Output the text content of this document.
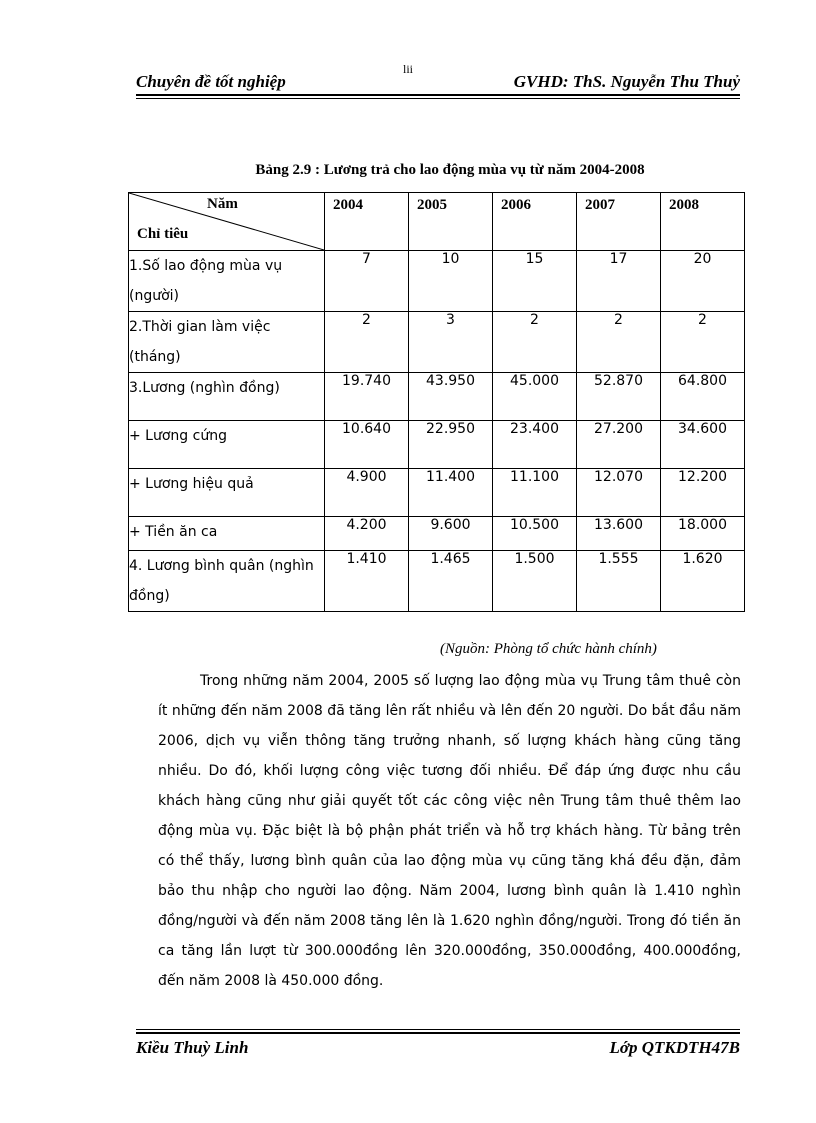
lii
Chuyên đề tốt nghiệp	GVHD: ThS. Nguyễn Thu Thuỷ
Bảng 2.9 : Lương trả cho lao động mùa vụ từ năm 2004-2008
Năm
Chỉ tiêu	2004	2005	2006	2007	2008
1.Số lao động mùa vụ (người)	7	10	15	17	20
2.Thời gian làm việc (tháng)	2	3	2	2	2
3.Lương (nghìn đồng)	19.740	43.950	45.000	52.870	64.800
+ Lương cứng	10.640	22.950	23.400	27.200	34.600
+ Lương hiệu quả	4.900	11.400	11.100	12.070	12.200
+ Tiền ăn ca	4.200	9.600	10.500	13.600	18.000
4. Lương bình quân (nghìn đồng)	1.410	1.465	1.500	1.555	1.620
(Nguồn: Phòng tổ chức hành chính)

Trong những năm 2004, 2005 số lượng lao động mùa vụ Trung tâm thuê còn ít những đến năm 2008 đã tăng lên rất nhiều và lên đến 20 người. Do bắt đầu năm 2006, dịch vụ viễn thông tăng trưởng nhanh, số lượng khách hàng cũng tăng nhiều. Do đó, khối lượng công việc tương đối nhiều. Để đáp ứng được nhu cầu khách hàng cũng như giải quyết tốt các công việc nên Trung tâm thuê thêm lao động mùa vụ. Đặc biệt là bộ phận phát triển và hỗ trợ khách hàng. Từ bảng trên có thể thấy, lương bình quân của lao động mùa vụ cũng tăng khá đều đặn, đảm bảo thu nhập cho người lao động. Năm 2004, lương bình quân là 1.410 nghìn đồng/người và đến năm 2008 tăng lên là 1.620 nghìn đồng/người. Trong đó tiền ăn ca tăng lần lượt từ 300.000đồng lên 320.000đồng, 350.000đồng, 400.000đồng, đến năm 2008 là 450.000 đồng.

Kiều Thuỳ Linh	Lớp QTKDTH47B
